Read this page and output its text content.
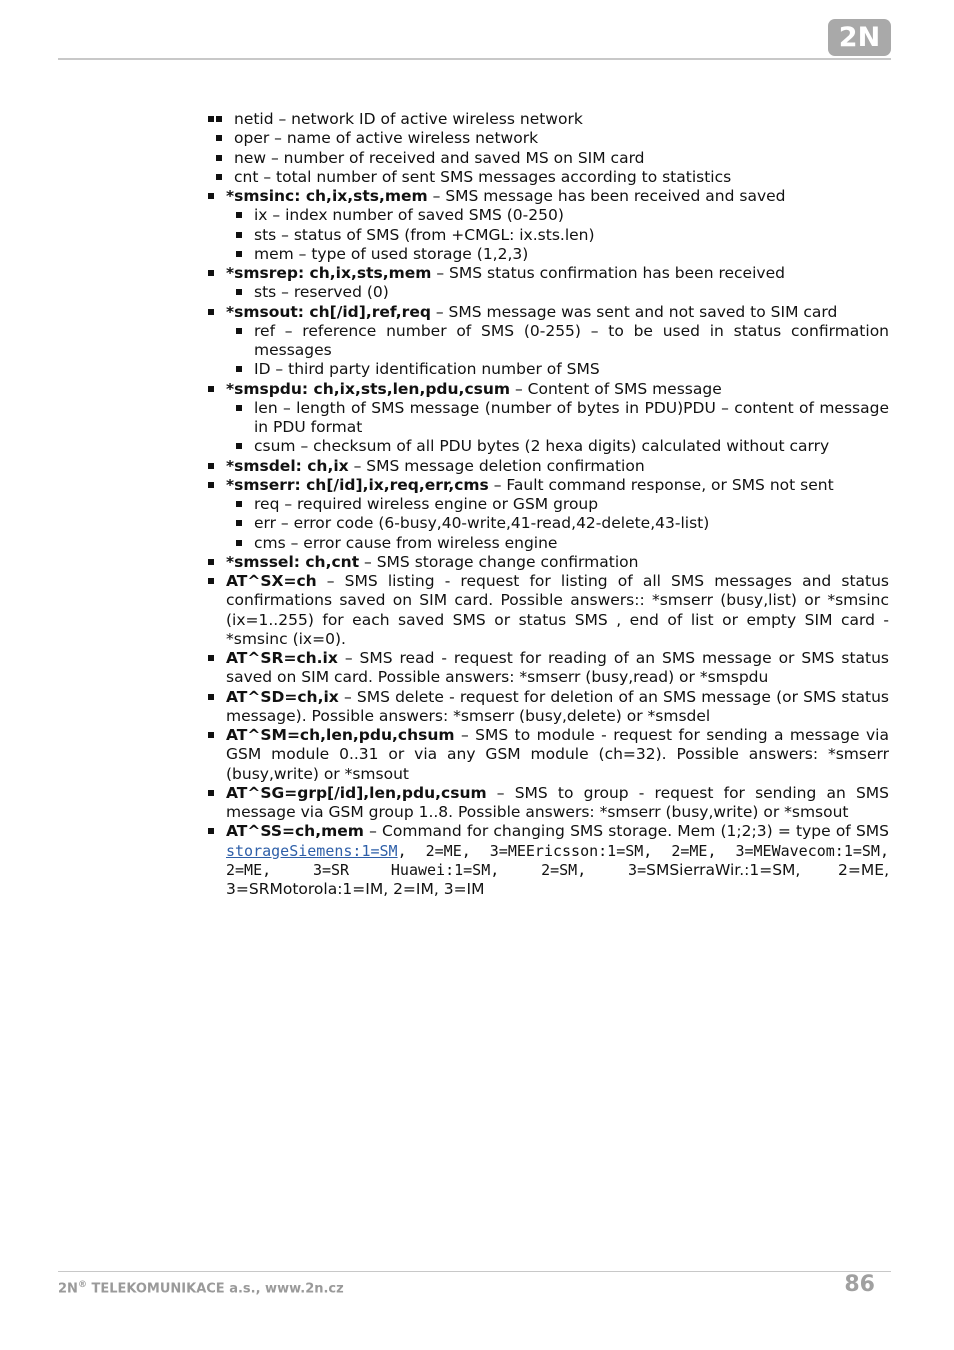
2N
netid – network ID of active wireless network
oper – name of active wireless network
new – number of received and saved MS on SIM card
cnt – total number of sent SMS messages according to statistics
*smsinc: ch,ix,sts,mem – SMS message has been received and saved
ix – index number of saved SMS (0-250)
sts – status of SMS (from +CMGL: ix.sts.len)
mem – type of used storage (1,2,3)
*smsrep: ch,ix,sts,mem – SMS status confirmation has been received
sts – reserved (0)
*smsout: ch[/id],ref,req – SMS message was sent and not saved to SIM card
ref – reference number of SMS (0-255) – to be used in status confirmation messages
ID – third party identification number of SMS
*smspdu: ch,ix,sts,len,pdu,csum – Content of SMS message
len – length of SMS message (number of bytes in PDU)PDU – content of message in PDU format
csum – checksum of all PDU bytes (2 hexa digits) calculated without carry
*smsdel: ch,ix – SMS message deletion confirmation
*smserr: ch[/id],ix,req,err,cms – Fault command response, or SMS not sent
req – required wireless engine or GSM group
err – error code (6-busy,40-write,41-read,42-delete,43-list)
cms – error cause from wireless engine
*smssel: ch,cnt – SMS storage change confirmation
AT^SX=ch – SMS listing - request for listing of all SMS messages and status confirmations saved on SIM card. Possible answers:: *smserr (busy,list) or *smsinc (ix=1..255) for each saved SMS or status SMS , end of list or empty SIM card - *smsinc (ix=0).
AT^SR=ch.ix – SMS read - request for reading of an SMS message or SMS status saved on SIM card. Possible answers: *smserr (busy,read) or *smspdu
AT^SD=ch,ix – SMS delete - request for deletion of an SMS message (or SMS status message). Possible answers: *smserr (busy,delete) or *smsdel
AT^SM=ch,len,pdu,chsum – SMS to module - request for sending a message via GSM module 0..31 or via any GSM module (ch=32). Possible answers: *smserr (busy,write) or *smsout
AT^SG=grp[/id],len,pdu,csum – SMS to group - request for sending an SMS message via GSM group 1..8. Possible answers: *smserr (busy,write) or *smsout
AT^SS=ch,mem – Command for changing SMS storage. Mem (1;2;3) = type of SMS storageSiemens:1=SM, 2=ME, 3=MEEricsson:1=SM, 2=ME, 3=MEWavecom:1=SM, 2=ME, 3=SR Huawei:1=SM, 2=SM, 3=SMSierraWir.:1=SM, 2=ME, 3=SRMotorola:1=IM, 2=IM, 3=IM
2N® TELEKOMUNIKACE a.s., www.2n.cz	86
